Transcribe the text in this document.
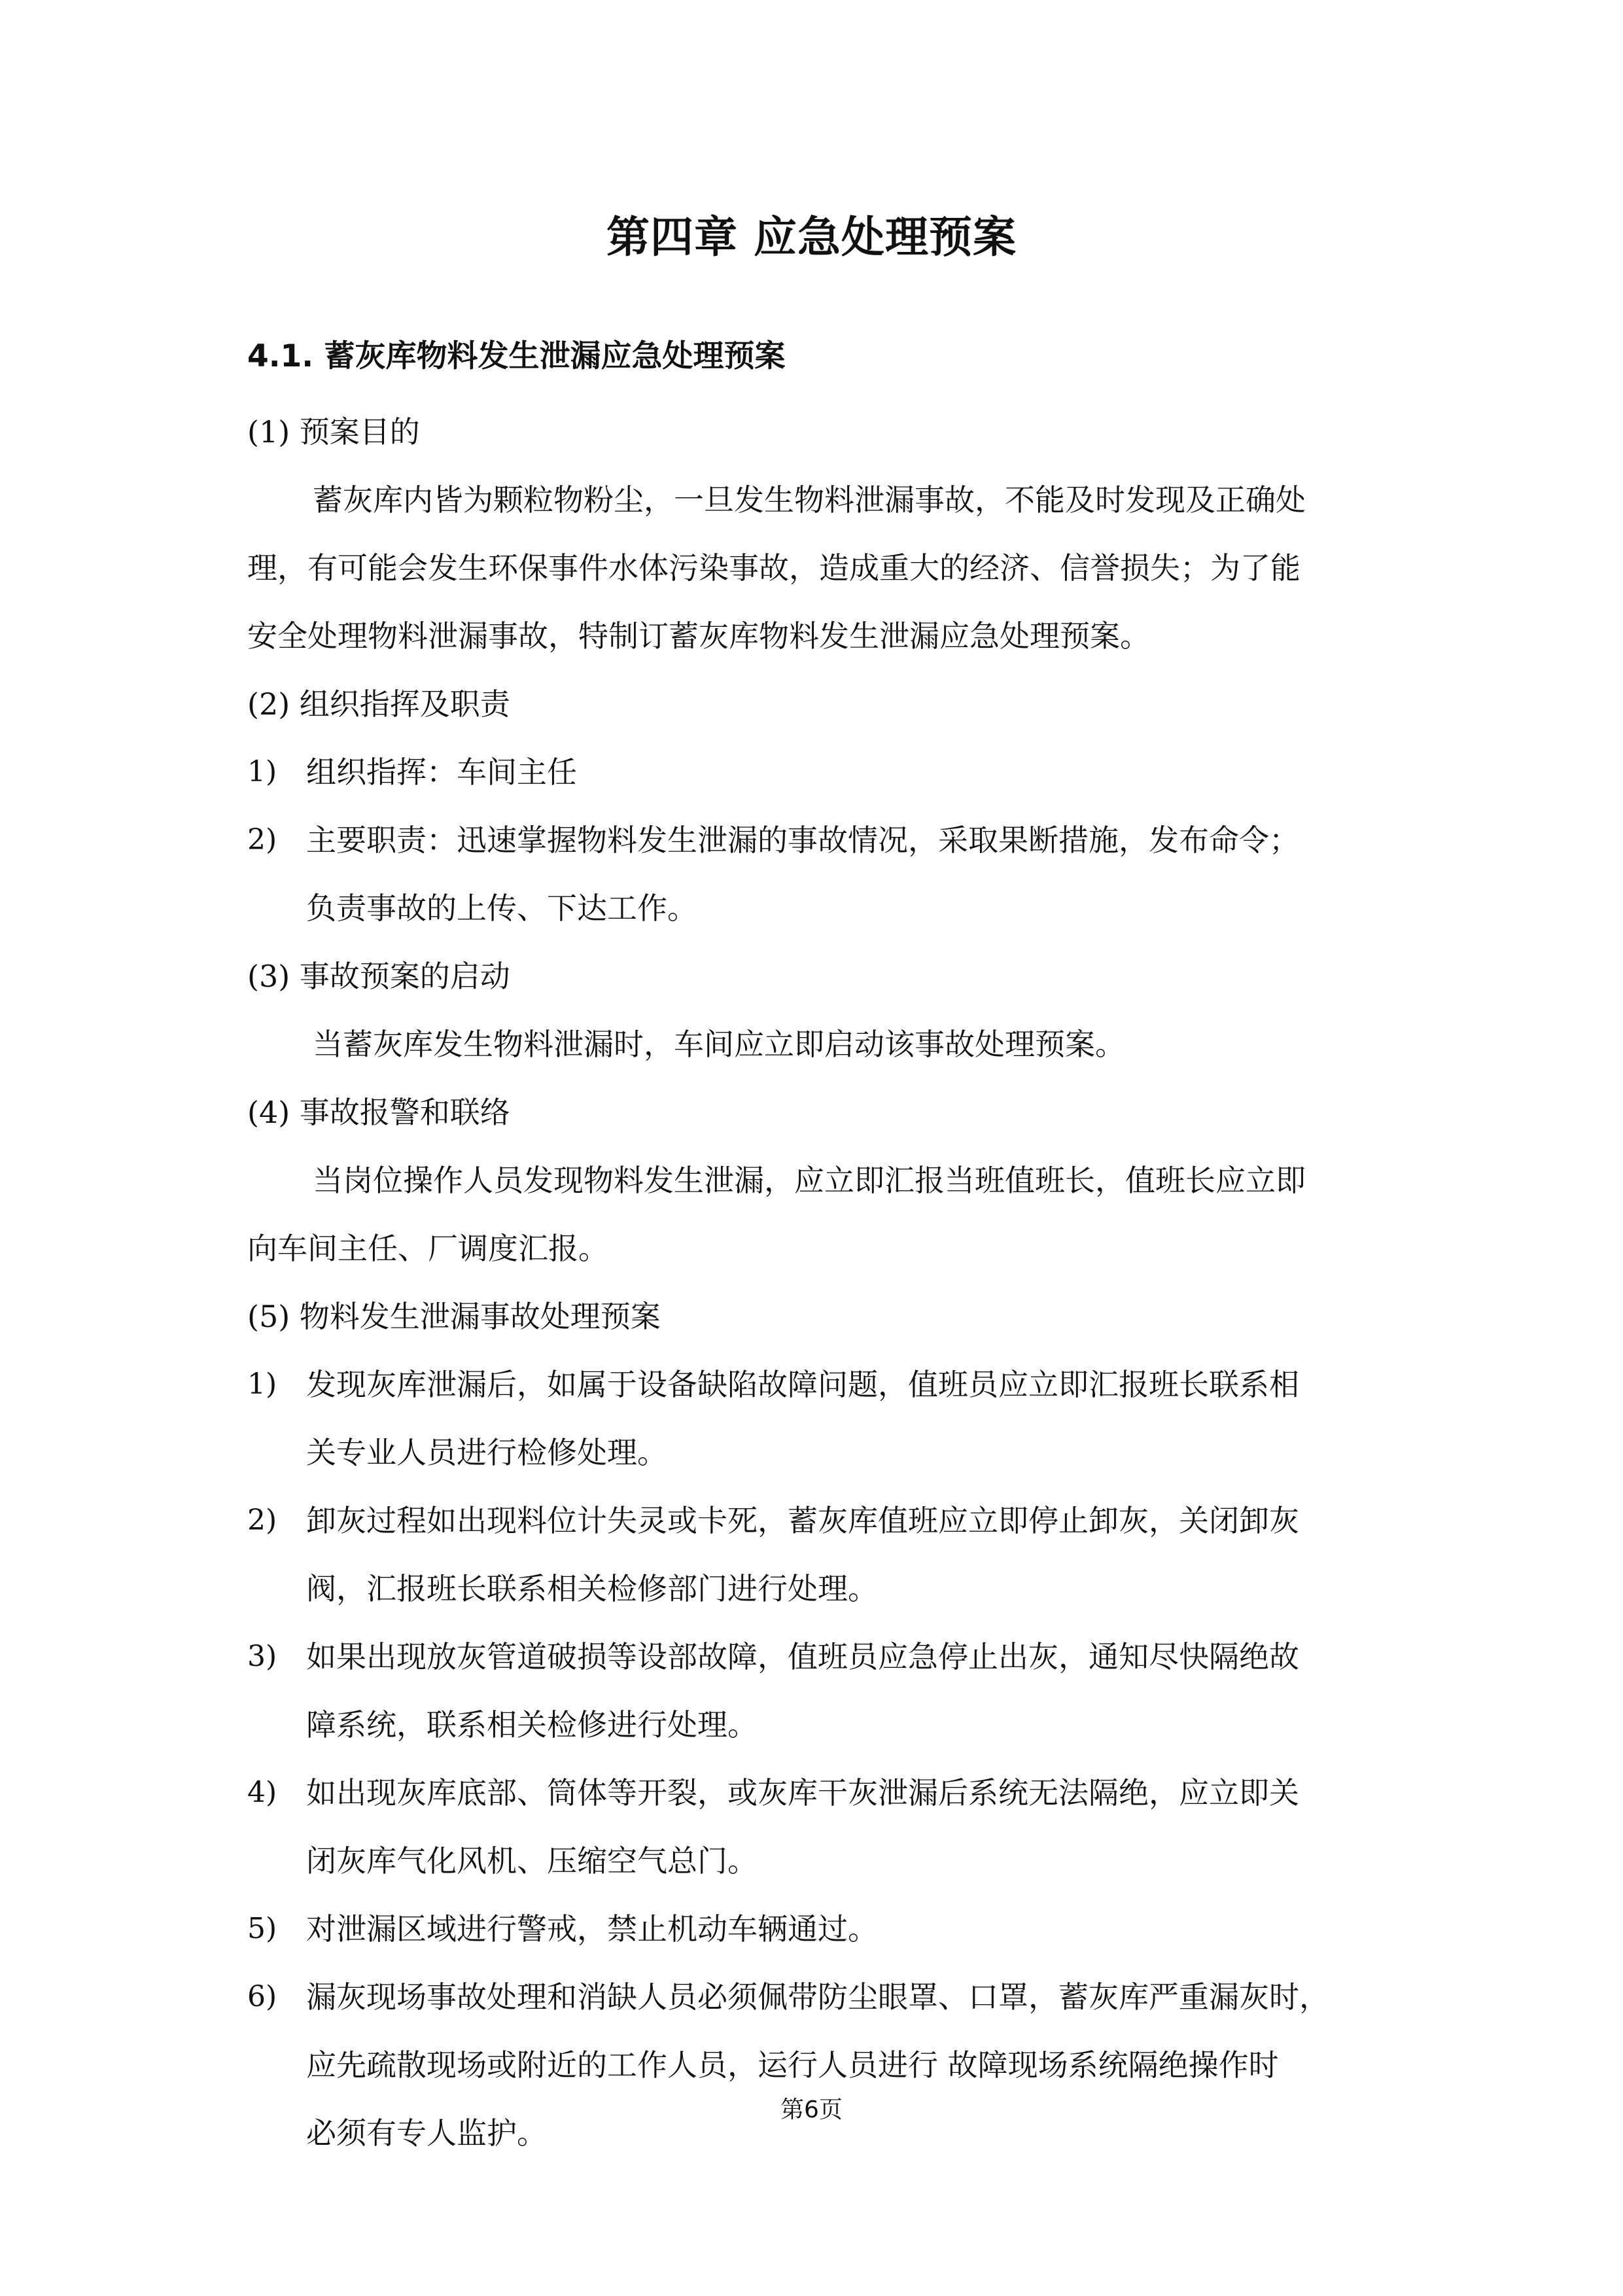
第四章 应急处理预案
4.1. 蓄灰库物料发生泄漏应急处理预案
(1) 预案目的
蓄灰库内皆为颗粒物粉尘，一旦发生物料泄漏事故，不能及时发现及正确处
理，有可能会发生环保事件水体污染事故，造成重大的经济、信誉损失；为了能
安全处理物料泄漏事故，特制订蓄灰库物料发生泄漏应急处理预案。
(2) 组织指挥及职责
1) 组织指挥：车间主任
2) 主要职责：迅速掌握物料发生泄漏的事故情况，采取果断措施，发布命令；
负责事故的上传、下达工作。
(3) 事故预案的启动
当蓄灰库发生物料泄漏时，车间应立即启动该事故处理预案。
(4) 事故报警和联络
当岗位操作人员发现物料发生泄漏，应立即汇报当班值班长，值班长应立即
向车间主任、厂调度汇报。
(5) 物料发生泄漏事故处理预案
1) 发现灰库泄漏后，如属于设备缺陷故障问题，值班员应立即汇报班长联系相
关专业人员进行检修处理。
2) 卸灰过程如出现料位计失灵或卡死，蓄灰库值班应立即停止卸灰，关闭卸灰
阀，汇报班长联系相关检修部门进行处理。
3) 如果出现放灰管道破损等设部故障，值班员应急停止出灰，通知尽快隔绝故
障系统，联系相关检修进行处理。
4) 如出现灰库底部、筒体等开裂，或灰库干灰泄漏后系统无法隔绝，应立即关
闭灰库气化风机、压缩空气总门。
5) 对泄漏区域进行警戒，禁止机动车辆通过。
6) 漏灰现场事故处理和消缺人员必须佩带防尘眼罩、口罩，蓄灰库严重漏灰时，
应先疏散现场或附近的工作人员，运行人员进行 故障现场系统隔绝操作时
必须有专人监护。
第6页
